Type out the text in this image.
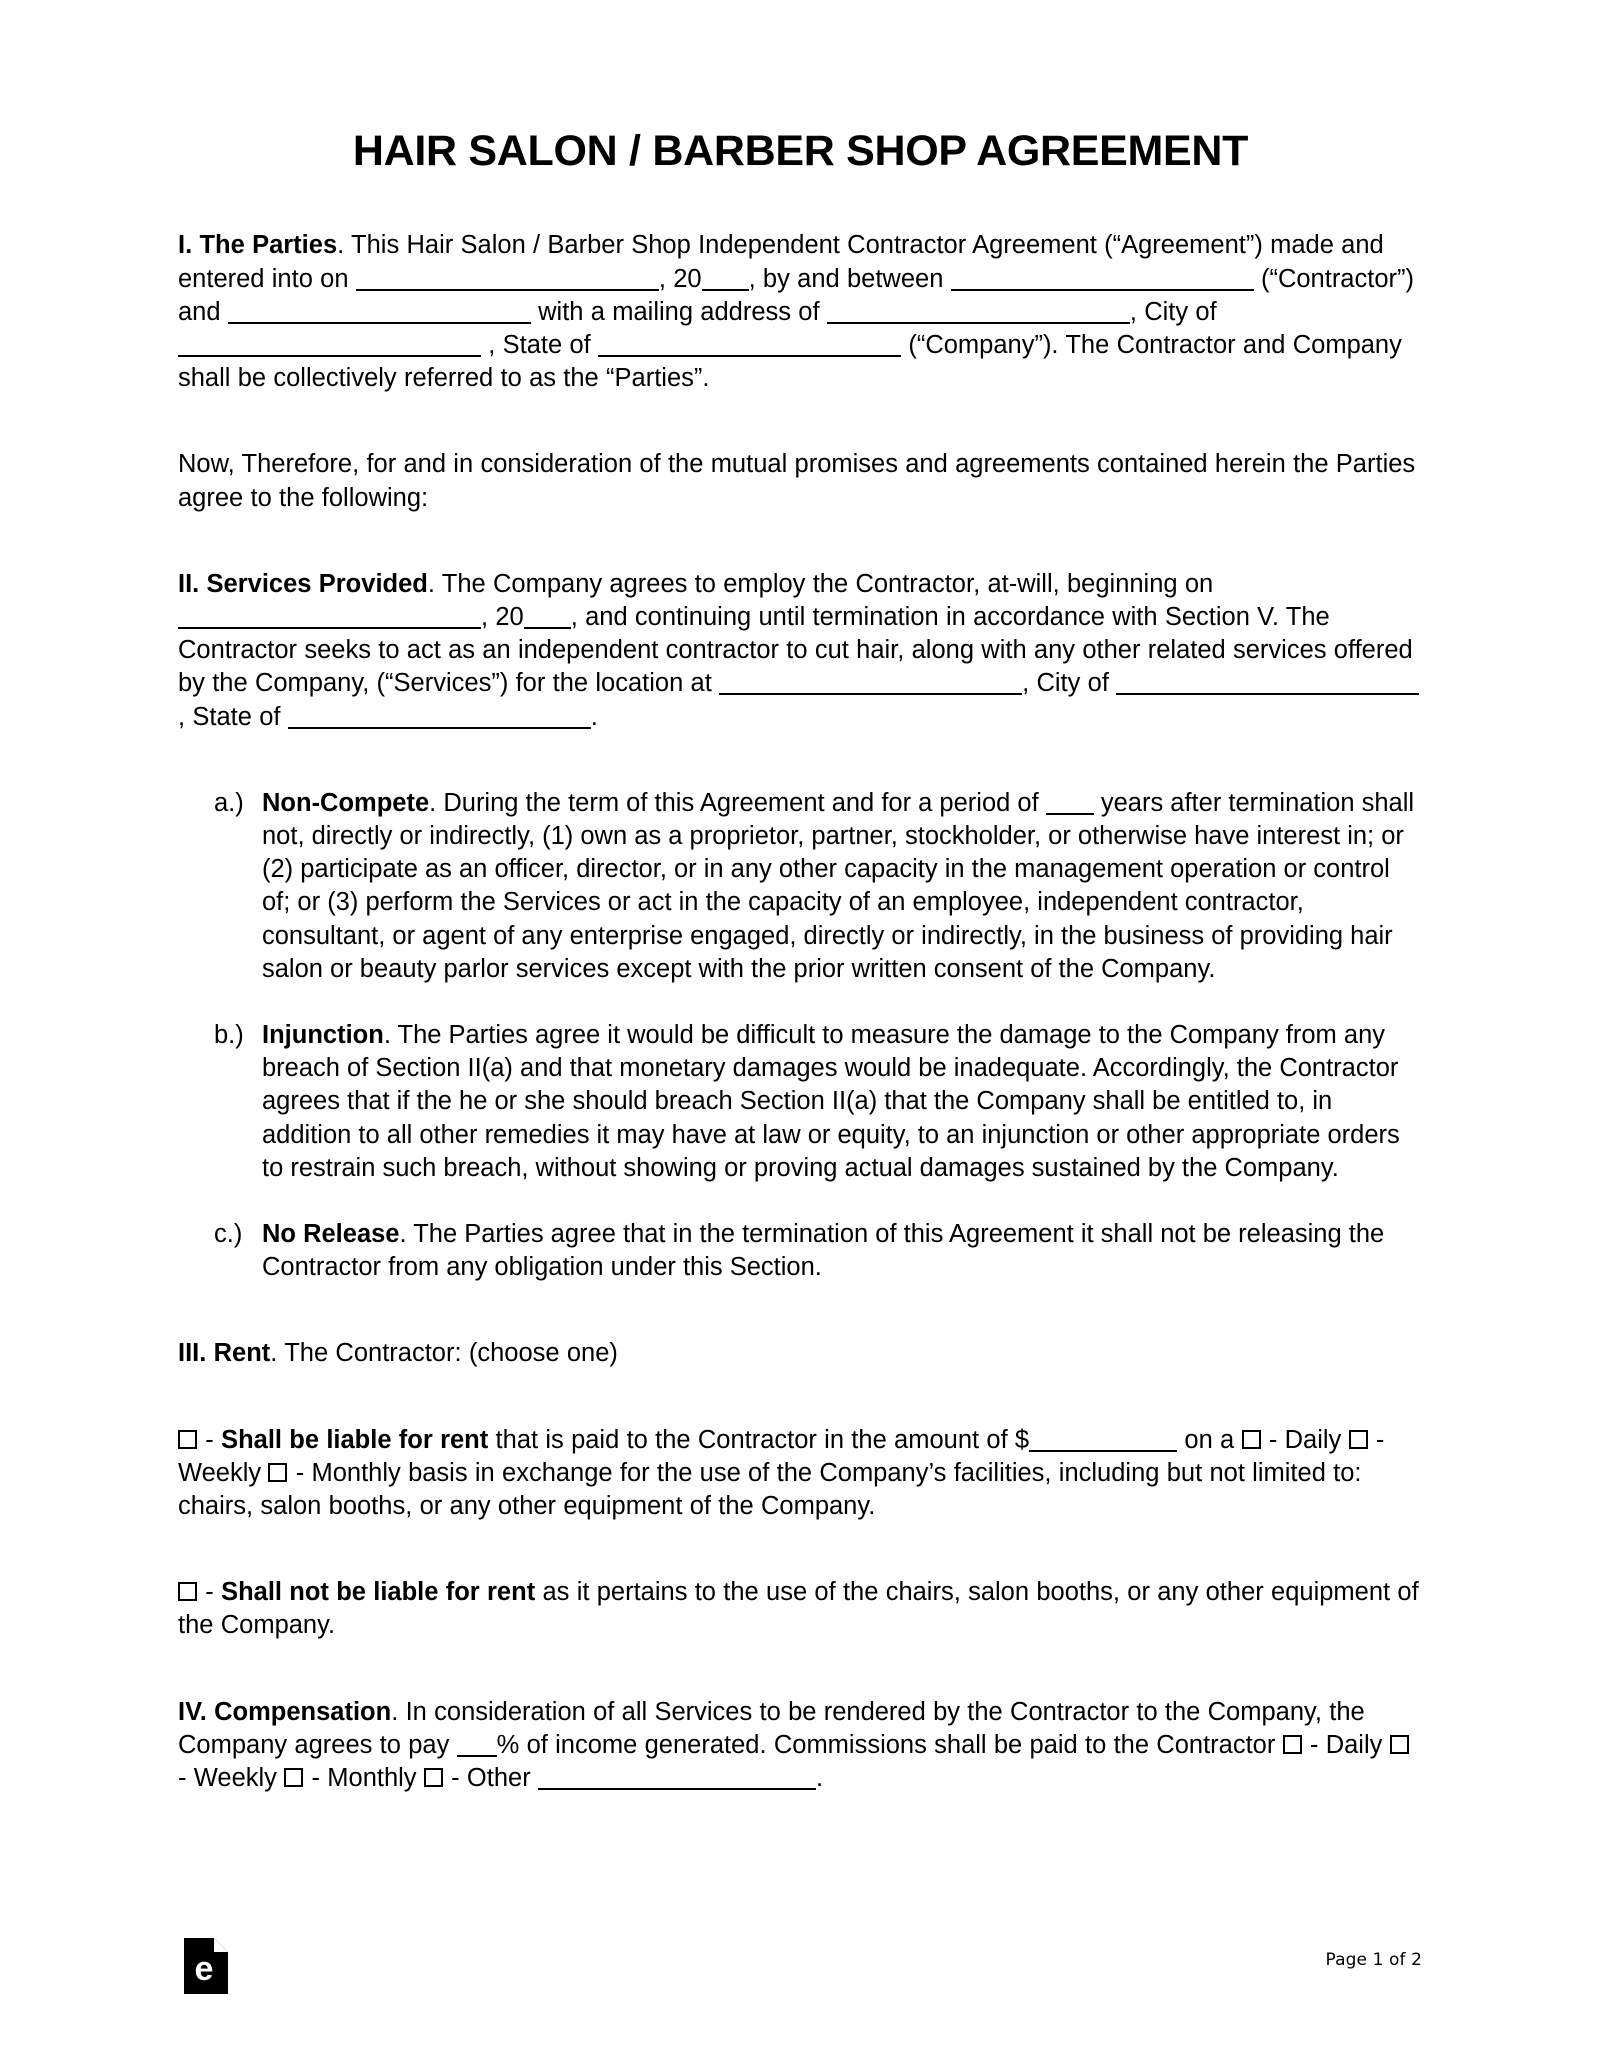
HAIR SALON / BARBER SHOP AGREEMENT

I. The Parties. This Hair Salon / Barber Shop Independent Contractor Agreement (“Agreement”) made and entered into on	, 20 , by and between	(“Contractor”) and	with a mailing address of	, City of  , State of	(“Company”). The Contractor and Company shall be collectively referred to as the “Parties”.

Now, Therefore, for and in consideration of the mutual promises and agreements contained herein the Parties agree to the following:

II. Services Provided. The Company agrees to employ the Contractor, at-will, beginning on , 20 , and continuing until termination in accordance with Section V. The Contractor seeks to act as an independent contractor to cut hair, along with any other related services offered by the Company, (“Services”) for the location at	, City of  , State of	.

a.) Non-Compete. During the term of this Agreement and for a period of  years after termination shall not, directly or indirectly, (1) own as a proprietor, partner, stockholder, or otherwise have interest in; or (2) participate as an officer, director, or in any other capacity in the management operation or control of; or (3) perform the Services or act in the capacity of an employee, independent contractor, consultant, or agent of any enterprise engaged, directly or indirectly, in the business of providing hair salon or beauty parlor services except with the prior written consent of the Company.
b.) Injunction. The Parties agree it would be difficult to measure the damage to the Company from any breach of Section II(a) and that monetary damages would be inadequate. Accordingly, the Contractor agrees that if the he or she should breach Section II(a) that the Company shall be entitled to, in addition to all other remedies it may have at law or equity, to an injunction or other appropriate orders to restrain such breach, without showing or proving actual damages sustained by the Company.
c.) No Release. The Parties agree that in the termination of this Agreement it shall not be releasing the Contractor from any obligation under this Section.

III. Rent. The Contractor: (choose one)

- Shall be liable for rent that is paid to the Contractor in the amount of $	on a  - Daily  - Weekly  - Monthly basis in exchange for the use of the Company’s facilities, including but not limited to: chairs, salon booths, or any other equipment of the Company.

- Shall not be liable for rent as it pertains to the use of the chairs, salon booths, or any other equipment of the Company.

IV. Compensation. In consideration of all Services to be rendered by the Contractor to the Company, the Company agrees to pay % of income generated. Commissions shall be paid to the Contractor  - Daily  - Weekly  - Monthly  - Other	.

e	Page 1 of 2
